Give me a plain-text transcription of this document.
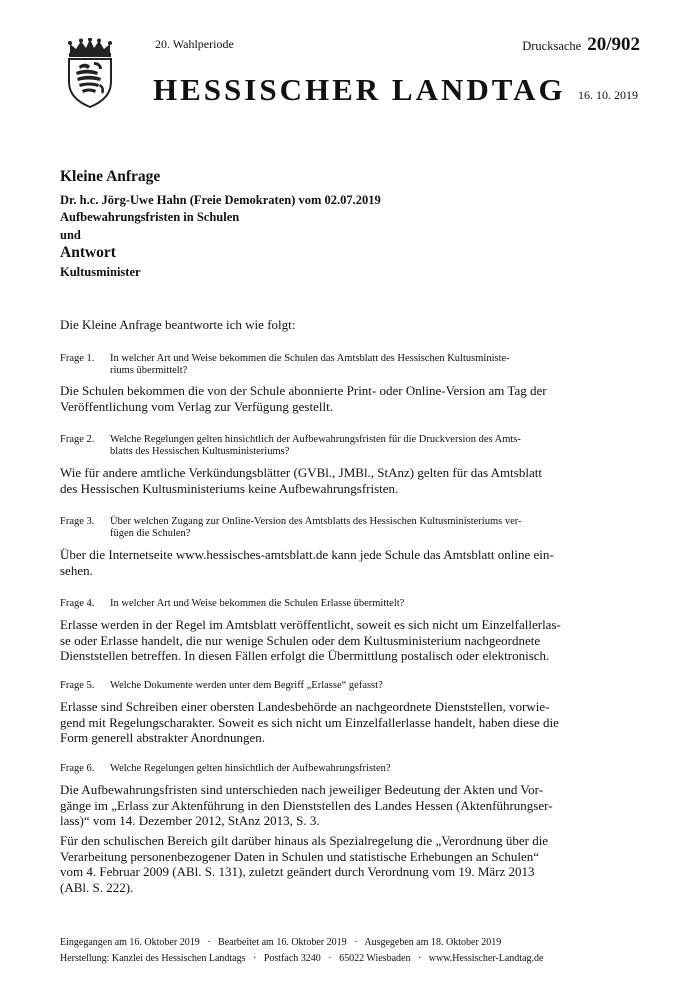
20. Wahlperiode	Drucksache 20/902
HESSISCHER LANDTAG 16. 10. 2019
Kleine Anfrage
Dr. h.c. Jörg-Uwe Hahn (Freie Demokraten) vom 02.07.2019
Aufbewahrungsfristen in Schulen
und
Antwort
Kultusminister
Die Kleine Anfrage beantworte ich wie folgt:
Frage 1. In welcher Art und Weise bekommen die Schulen das Amtsblatt des Hessischen Kultusministe-
riums übermittelt?
Die Schulen bekommen die von der Schule abonnierte Print- oder Online-Version am Tag der
Veröffentlichung vom Verlag zur Verfügung gestellt.
Frage 2. Welche Regelungen gelten hinsichtlich der Aufbewahrungsfristen für die Druckversion des Amts-
blatts des Hessischen Kultusministeriums?
Wie für andere amtliche Verkündungsblätter (GVBl., JMBl., StAnz) gelten für das Amtsblatt
des Hessischen Kultusministeriums keine Aufbewahrungsfristen.
Frage 3. Über welchen Zugang zur Online-Version des Amtsblatts des Hessischen Kultusministeriums ver-
fügen die Schulen?
Über die Internetseite www.hessisches-amtsblatt.de kann jede Schule das Amtsblatt online ein-
sehen.
Frage 4. In welcher Art und Weise bekommen die Schulen Erlasse übermittelt?
Erlasse werden in der Regel im Amtsblatt veröffentlicht, soweit es sich nicht um Einzelfallerlas-
se oder Erlasse handelt, die nur wenige Schulen oder dem Kultusministerium nachgeordnete
Dienststellen betreffen. In diesen Fällen erfolgt die Übermittlung postalisch oder elektronisch.
Frage 5. Welche Dokumente werden unter dem Begriff „Erlasse“ gefasst?
Erlasse sind Schreiben einer obersten Landesbehörde an nachgeordnete Dienststellen, vorwie-
gend mit Regelungscharakter. Soweit es sich nicht um Einzelfallerlasse handelt, haben diese die
Form generell abstrakter Anordnungen.
Frage 6. Welche Regelungen gelten hinsichtlich der Aufbewahrungsfristen?
Die Aufbewahrungsfristen sind unterschieden nach jeweiliger Bedeutung der Akten und Vor-
gänge im „Erlass zur Aktenführung in den Dienststellen des Landes Hessen (Aktenführungser-
lass)“ vom 14. Dezember 2012, StAnz 2013, S. 3.
Für den schulischen Bereich gilt darüber hinaus als Spezialregelung die „Verordnung über die
Verarbeitung personenbezogener Daten in Schulen und statistische Erhebungen an Schulen“
vom 4. Februar 2009 (ABl. S. 131), zuletzt geändert durch Verordnung vom 19. März 2013
(ABl. S. 222).
Eingegangen am 16. Oktober 2019   ·   Bearbeitet am 16. Oktober 2019   ·   Ausgegeben am 18. Oktober 2019
Herstellung: Kanzlei des Hessischen Landtags   ·   Postfach 3240   ·   65022 Wiesbaden   ·   www.Hessischer-Landtag.de
